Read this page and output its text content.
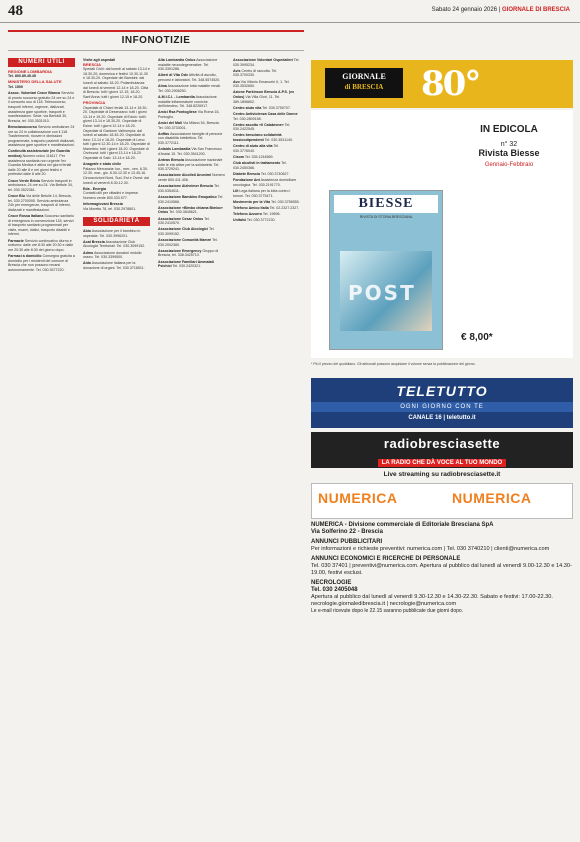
48	Sabato 24 gennaio 2026 | GIORNALE DI BRESCIA
INFONOTIZIE
NUMERI UTILI

REGIONE LOMBARDIA
Tel. 800.89.45.45

MINISTERO DELLA SALUTE
Tel. 1500

Assoc. Volontari Croce Bianca Servizio di pronto soccorso gratuito 24 ore su 24 e il consueto uso di 118. Telesoccorso, trasporti infermi, urgenze, dializzati, assistenza gare sportive, trasporti e manifestazioni. Sede: via Bertoldi 30, Brescia, tel. 030.3531010.

Bresciasoccorso Servizio ambulanze 24 ore su 24 in collaborazione con il 118. Trasferimenti, ricoveri e dimissioni programmate, trasporto pazienti dializzati, assistenza gare sportive e manifestazioni.

Continuità assistenziale (ex Guardia medica) Numero unico 116117. Per assistenza sanitaria non urgente l'ex Guardia Medica è attiva nei giorni feriali dalle 20 alle 8 e nei giorni festivi e prefestivi dalle 8 alle 20.

Croce Verde Brixia Servizio trasporti in ambulanza, 24 ore su 24. Via Bettole 34, tel. 030.3522361.

Croce Blu Via delle Betulle 14, Brescia, tel. 030.2700095. Servizio ambulanza 24h per emergenze, trasporti di infermi, dializzati e manifestazioni.

Croce Rossa Italiana Soccorso sanitario di emergenza in convenzione 118, servizi di trasporto sanitario programmati per visite, esami, dialisi, trasporto disabili e infermi.

Farmacie Servizio continuativo diurno e notturno: dalle ore 8:30 alle 20:30 e dalle ore 20:30 alle 8:30 del giorno dopo.

Farmaci a domicilio Consegna gratuita a domicilio per i residenti del comune di Brescia che non possono recarsi autonomamente. Tel. 030.3577220.

Visite agli ospedali
BRESCIA
Spedali Civili: dal lunedì al sabato 13-14 e 18.30-20; domenica e festivi 10.30-11.30 e 18.30-20. Ospedale dei Bambini: dal lunedì al sabato 18-20. Poliambulanza: dal lunedì al venerdì 12-14 e 18-20. Città di Brescia: tutti i giorni 12-15, 18-20. Sant'Anna: tutti i giorni 12-15 e 18-20.

PROVINCIA
Ospedale di Chiari: feriali 13-14 e 18.30-20. Ospedale di Desenzano: tutti i giorni 13-14 e 19-20. Ospedale di Edolo: tutti i giorni 13-14 e 18.30-20. Ospedale di Esine: tutti i giorni 12-14 e 18-20. Ospedale di Gardone Valtrompia: dal lunedì al sabato 18.45-20. Ospedale di Iseo: 13-14 e 18-20. Ospedale di Leno: tutti i giorni 12.30-14 e 18-20. Ospedale di Manerbio: tutti i giorni 18-20. Ospedale di Orzinuovi: tutti i giorni 13-14 e 18-20. Ospedale di Salò: 13-14 e 18-20.

Anagrafe e stato civile
Palazzo Mercanzia: lun., mer., ven. 8.30-12.30, mar., gio. 8.30-12.30 e 13.45-16. Circoscrizioni Nord, Sud, Est e Ovest: dal lunedì al venerdì 8.30-12.30.

Eda - Energia
Contatti utili per cittadini e imprese. Numero verde 800.333.977.

Informagiovani Brescia
Via Moretto 78, tel. 030.2978801.

SOLIDARIETÀ

Abio Associazione per il bambino in ospedale. Tel. 030.3996201.

Acat Brescia Associazione Club Alcologici Territoriali. Tel. 030.3099152.

Admo Associazione donatori midollo osseo. Tel. 030.3399500.

Aido Associazione italiana per la donazione di organi. Tel. 030.3718511.

Alta Lombardia Onlus Associazione malattie neurodegenerative. Tel. 030.3391286.

Alberi di Vita Odv Attività di ascolto, percorsi e laboratori. Tel. 348.5574520.

Alma Associazione lotta malattie renali. Tel. 030.2908250.

A.M.I.C.I. - Lombardia Associazione malattie infiammatorie croniche dell'intestino. Tel. 348.8226917.

Amici Rsa Pontogliese Via Roma 16, Pontoglio.

Amici del Mali Via Milano 54, Brescia. Tel. 030.3733001.

Anffas Associazione famiglie di persone con disabilità intellettiva. Tel. 030.3772111.

Anlaids Lombardia Via San Francesco d'Assisi 15. Tel. 030.3541200.

Anteas Brescia Associazione nazionale tutte le età attive per la solidarietà. Tel. 030.3729241.

Associazione Alcolisti Anonimi Numero verde 800.411.406.

Associazione Alzheimer Brescia Tel. 030.5354511.

Associazione Bambino Emopatico Tel. 030.2410566.

Associazione «Bimbo chiama Bimbo» Onlus Tel. 030.3845621.

Associazione Cesar Onlus Tel. 030.2410570.

Associazione Club Alcologici Tel. 030.3099152.

Associazione Comunità Mamrè Tel. 030.2002380.

Associazione Emergency Gruppo di Brescia, tel. 338.3425710.

Associazione Familiari Ammalati Psichici Tel. 030.2420321.

Associazione Volontari Ospedalieri Tel. 030.3995234.

Avis Centro di raccolta. Tel. 030.3700330.

Avo Via Vittorio Emanuele II, 1. Tel. 030.3532650.

Azione Parkinson Brescia A.P.S. (ex Onlus) Via Villa Glori, 11. Tel. 389.1896802.

Centro aiuto vita Tel. 030.3750707.

Centro Antiviolenza Casa delle Donne Tel. 030.2809158.

Centro ascolto «Il Calabrone» Tel. 030.2422545.

Centro bresciano solidarietà tossicodipendenti Tel. 030.3531140.

Centro di aiuto alla vita Tel. 030.3776040.

Cisom Tel. 335.1244569.

Club alcolisti in trattamento Tel. 030.2450366.

Diabete Brescia Tel. 030.3740627.

Fondazione Ant Assistenza domiciliare oncologica. Tel. 030.2191770.

Lilt Lega italiana per la lotta contro i tumori. Tel. 030.3775471.

Movimento per la Vita Tel. 030.3756555.

Telefono Amico Italia Tel. 02.2327.2327.

Telefono Azzurro Tel. 19696.

Unitalsi Tel. 030.3772130.

GIORNALE
di BRESCIA	80°
BIESSE
RIVISTA DI STORIA BRESCIANA
POST
IN EDICOLA
n° 32
Rivista Biesse
Gennaio-Febbraio
€ 8,00*
* Più il prezzo del quotidiano. Gli abbonati possono acquistare il volume senza la pubblicazione del giorno.
TELETUTTO
OGNI GIORNO CON TE
CANALE 16 | teletutto.it
radiobresciasette
LA RADIO CHE DÀ VOCE AL TUO MONDO
Live streaming su radiobresciasette.it
NUMERICA	NUMERICA

NUMERICA - Divisione commerciale di Editoriale Bresciana SpA
Via Solferino 22 - Brescia

ANNUNCI PUBBLICITARI
Per informazioni e richieste preventivi: numerica.com | Tel. 030 3740210 | clienti@numerica.com

ANNUNCI ECONOMICI E RICERCHE DI PERSONALE
Tel. 030 37401 | preventivi@numerica.com. Apertura al pubblico dal lunedì al venerdì 9.00-12.30 e 14.30-19.00, festivi esclusi.

NECROLOGIE
Tel. 030 2405048
Apertura al pubblico dal lunedì al venerdì 9.30-12.30 e 14.30-22.30. Sabato e festivi: 17.00-22.30.
necrologie.giornaledibrescia.it | necrologie@numerica.com
Le e-mail ricevute dopo le 22.15 saranno pubblicate due giorni dopo.
